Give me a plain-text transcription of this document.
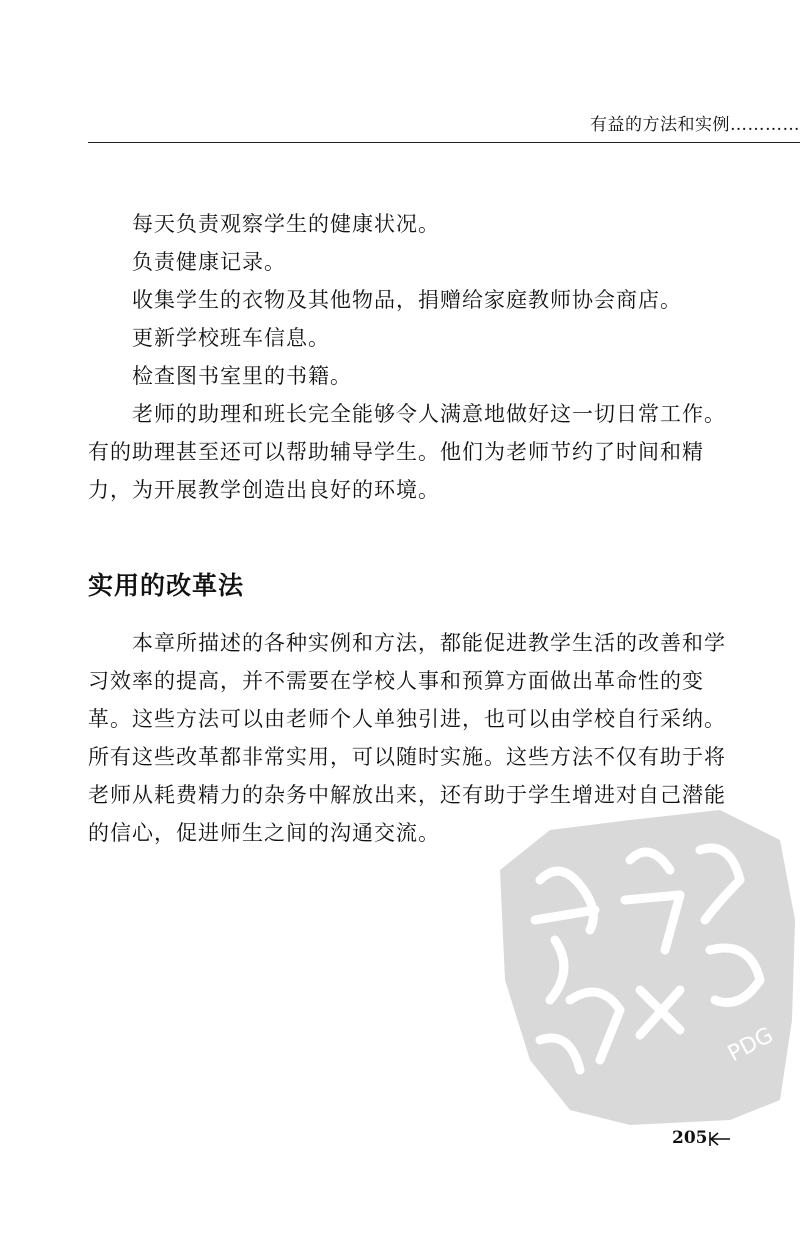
有益的方法和实例…………

每天负责观察学生的健康状况。

负责健康记录。

收集学生的衣物及其他物品，捐赠给家庭教师协会商店。

更新学校班车信息。

检查图书室里的书籍。

老师的助理和班长完全能够令人满意地做好这一切日常工作。有的助理甚至还可以帮助辅导学生。他们为老师节约了时间和精力，为开展教学创造出良好的环境。

实用的改革法

本章所描述的各种实例和方法，都能促进教学生活的改善和学习效率的提高，并不需要在学校人事和预算方面做出革命性的变革。这些方法可以由老师个人单独引进，也可以由学校自行采纳。所有这些改革都非常实用，可以随时实施。这些方法不仅有助于将老师从耗费精力的杂务中解放出来，还有助于学生增进对自己潜能的信心，促进师生之间的沟通交流。

PDG
205
